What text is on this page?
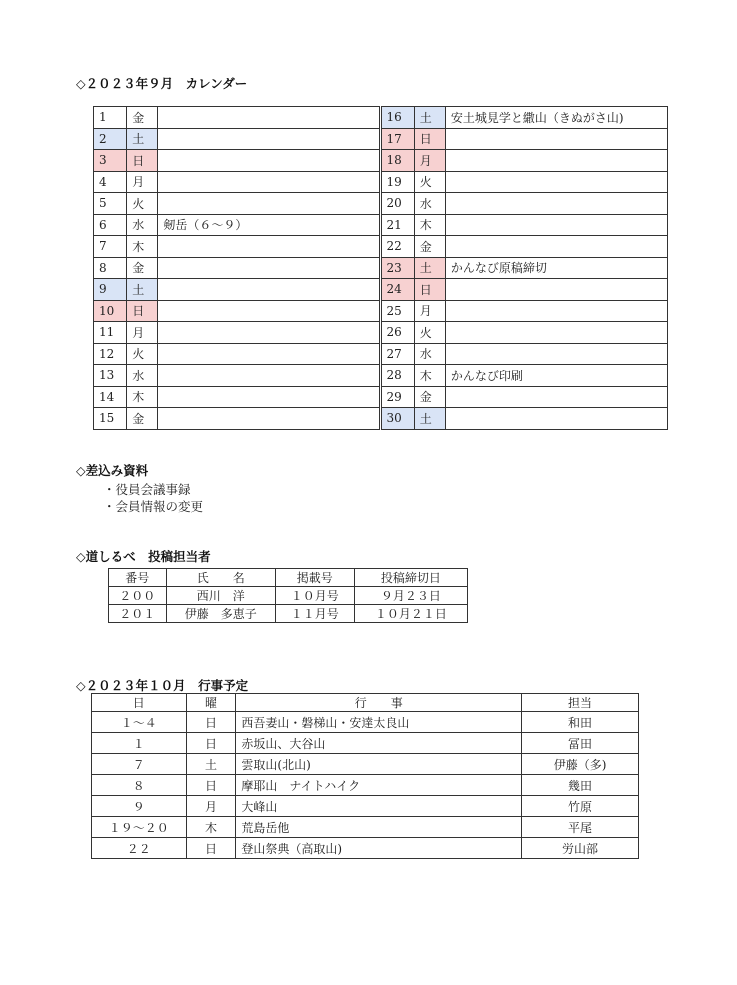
◇２０２３年９月　カレンダー
1	金			16	土	安土城見学と繖山（きぬがさ山)
2	土			17	日	
3	日			18	月	
4	月			19	火	
5	火			20	水	
6	水	剱岳（６～９）		21	木	
7	木			22	金	
8	金			23	土	かんなび原稿締切
9	土			24	日	
10	日			25	月	
11	月			26	火	
12	火			27	水	
13	水			28	木	かんなび印刷
14	木			29	金	
15	金			30	土	
◇差込み資料
・役員会議事録
・会員情報の変更
◇道しるべ　投稿担当者
番号	氏　　名	掲載号	投稿締切日
２００	西川　洋	１０月号	９月２３日
２０１	伊藤　多恵子	１１月号	１０月２１日
◇２０２３年１０月　行事予定
日	曜	行　　事	担当
１～４	日	西吾妻山・磐梯山・安達太良山	和田
１	日	赤坂山、大谷山	冨田
７	土	雲取山(北山)	伊藤（多)
８	日	摩耶山　ナイトハイク	幾田
９	月	大峰山	竹原
１９～２０	木	荒島岳他	平尾
２２	日	登山祭典（高取山)	労山部
